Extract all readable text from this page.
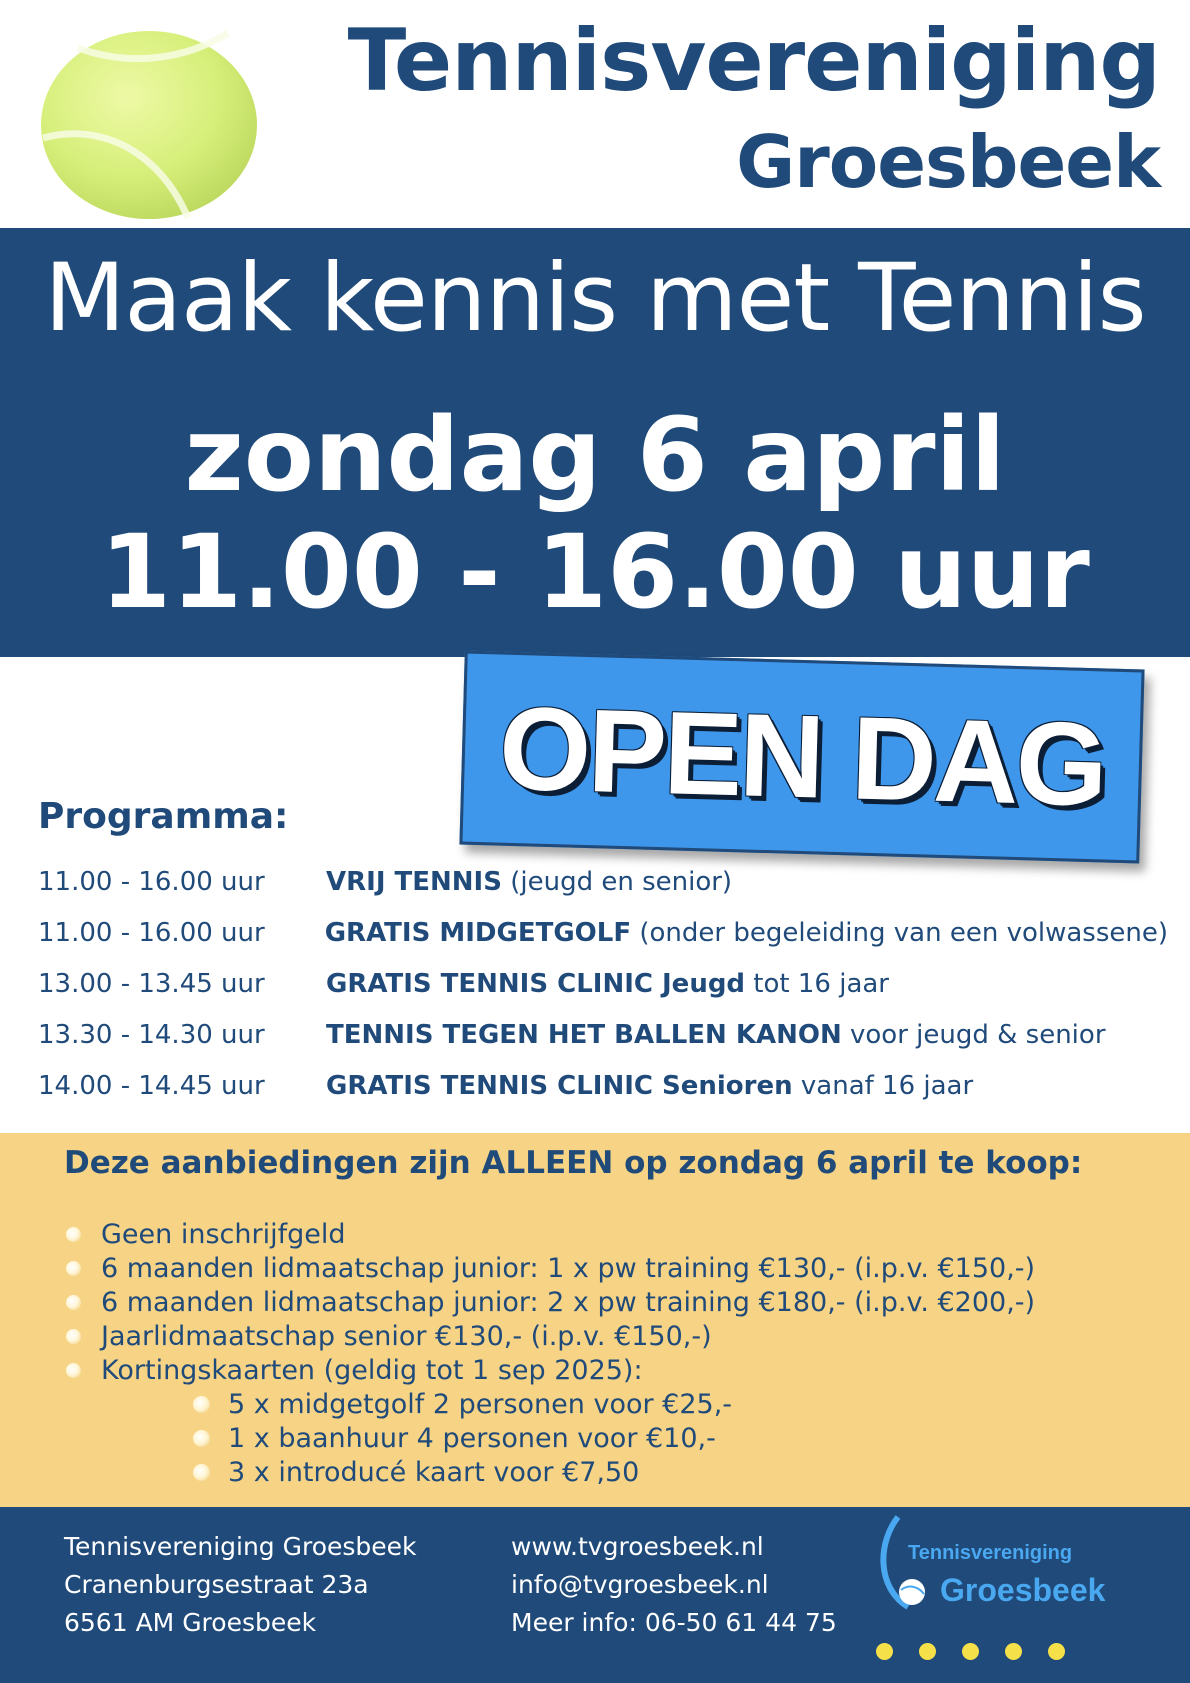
Tennisvereniging
Groesbeek
Maak kennis met Tennis
zondag 6 april
11.00 - 16.00 uur
OPEN DAG
Programma:
11.00 - 16.00 uur	VRIJ TENNIS (jeugd en senior)
11.00 - 16.00 uur	GRATIS MIDGETGOLF (onder begeleiding van een volwassene)
13.00 - 13.45 uur	GRATIS TENNIS CLINIC Jeugd tot 16 jaar
13.30 - 14.30 uur	TENNIS TEGEN HET BALLEN KANON voor jeugd & senior
14.00 - 14.45 uur	GRATIS TENNIS CLINIC Senioren vanaf 16 jaar
Deze aanbiedingen zijn ALLEEN op zondag 6 april te koop:
Geen inschrijfgeld
6 maanden lidmaatschap junior: 1 x pw training €130,- (i.p.v. €150,-)
6 maanden lidmaatschap junior: 2 x pw training €180,- (i.p.v. €200,-)
Jaarlidmaatschap senior €130,- (i.p.v. €150,-)
Kortingskaarten (geldig tot 1 sep 2025):
5 x midgetgolf 2 personen voor €25,-
1 x baanhuur 4 personen voor €10,-
3 x introducé kaart voor €7,50
Tennisvereniging Groesbeek
Cranenburgsestraat 23a
6561 AM Groesbeek
www.tvgroesbeek.nl
info@tvgroesbeek.nl
Meer info: 06-50 61 44 75
Tennisvereniging
Groesbeek
